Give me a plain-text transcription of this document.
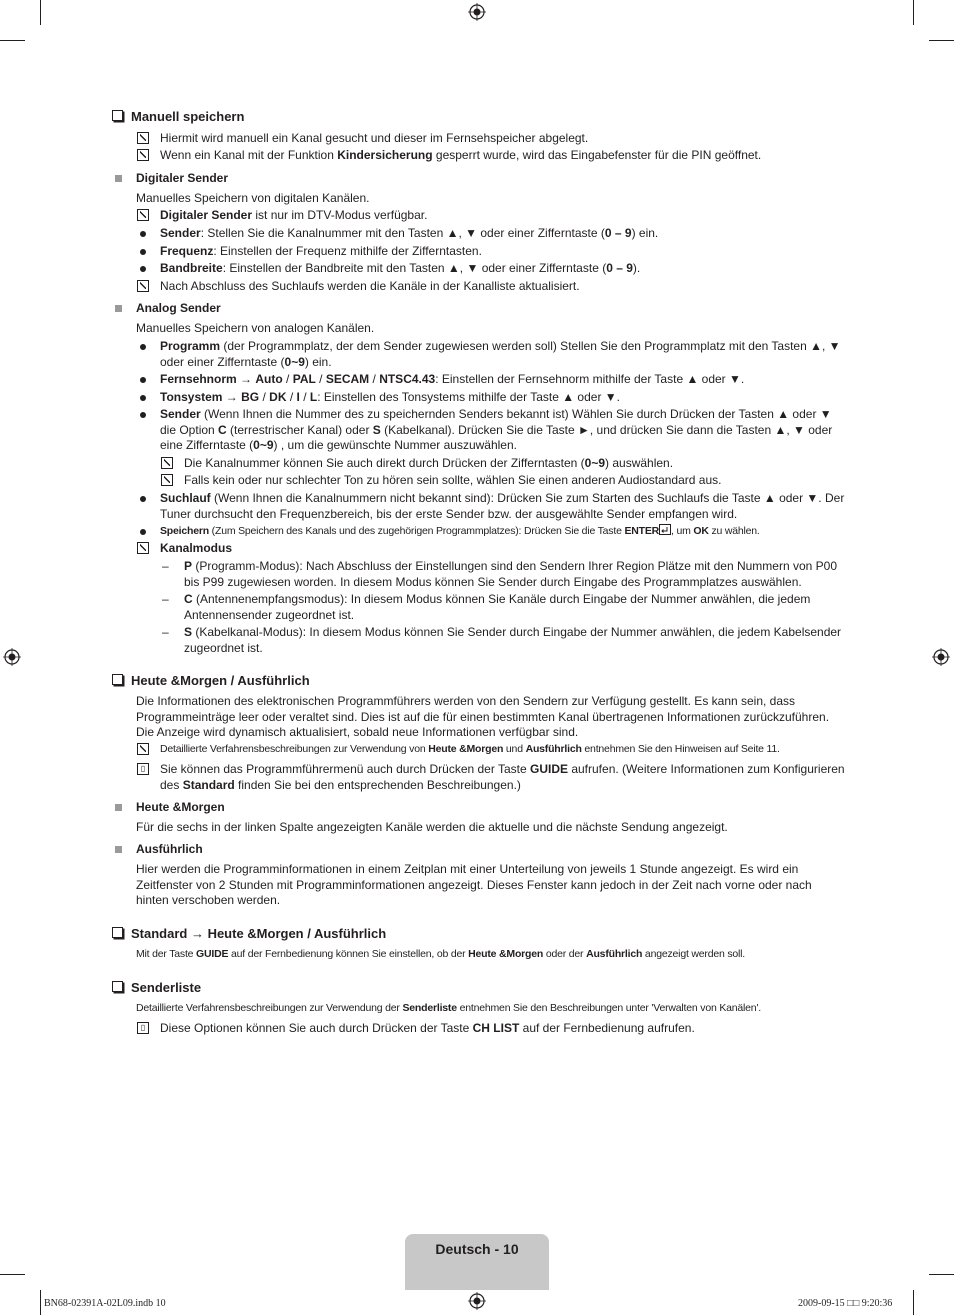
Manuell speichern
Hiermit wird manuell ein Kanal gesucht und dieser im Fernsehspeicher abgelegt.
Wenn ein Kanal mit der Funktion Kindersicherung gesperrt wurde, wird das Eingabefenster für die PIN geöffnet.
Digitaler Sender
Manuelles Speichern von digitalen Kanälen.
Digitaler Sender ist nur im DTV-Modus verfügbar.
Sender: Stellen Sie die Kanalnummer mit den Tasten ▲, ▼ oder einer Zifferntaste (0 – 9) ein.
Frequenz: Einstellen der Frequenz mithilfe der Zifferntasten.
Bandbreite: Einstellen der Bandbreite mit den Tasten ▲, ▼ oder einer Zifferntaste (0 – 9).
Nach Abschluss des Suchlaufs werden die Kanäle in der Kanalliste aktualisiert.
Analog Sender
Manuelles Speichern von analogen Kanälen.
Programm (der Programmplatz, der dem Sender zugewiesen werden soll) Stellen Sie den Programmplatz mit den Tasten ▲, ▼ oder einer Zifferntaste (0~9) ein.
Fernsehnorm → Auto / PAL / SECAM / NTSC4.43: Einstellen der Fernsehnorm mithilfe der Taste ▲ oder ▼.
Tonsystem → BG / DK / I / L: Einstellen des Tonsystems mithilfe der Taste ▲ oder ▼.
Sender (Wenn Ihnen die Nummer des zu speichernden Senders bekannt ist) Wählen Sie durch Drücken der Tasten ▲ oder ▼ die Option C (terrestrischer Kanal) oder S (Kabelkanal). Drücken Sie die Taste ►, und drücken Sie dann die Tasten ▲, ▼ oder eine Zifferntaste (0~9) , um die gewünschte Nummer auszuwählen.
Die Kanalnummer können Sie auch direkt durch Drücken der Zifferntasten (0~9) auswählen.
Falls kein oder nur schlechter Ton zu hören sein sollte, wählen Sie einen anderen Audiostandard aus.
Suchlauf (Wenn Ihnen die Kanalnummern nicht bekannt sind): Drücken Sie zum Starten des Suchlaufs die Taste ▲ oder ▼. Der Tuner durchsucht den Frequenzbereich, bis der erste Sender bzw. der ausgewählte Sender empfangen wird.
Speichern (Zum Speichern des Kanals und des zugehörigen Programmplatzes): Drücken Sie die Taste ENTER , um OK zu wählen.
Kanalmodus
– P (Programm-Modus): Nach Abschluss der Einstellungen sind den Sendern Ihrer Region Plätze mit den Nummern von P00 bis P99 zugewiesen worden. In diesem Modus können Sie Sender durch Eingabe des Programmplatzes auswählen.
– C (Antennenempfangsmodus): In diesem Modus können Sie Kanäle durch Eingabe der Nummer anwählen, die jedem Antennensender zugeordnet ist.
– S (Kabelkanal-Modus): In diesem Modus können Sie Sender durch Eingabe der Nummer anwählen, die jedem Kabelsender zugeordnet ist.
Heute &Morgen / Ausführlich
Die Informationen des elektronischen Programmführers werden von den Sendern zur Verfügung gestellt. Es kann sein, dass Programmeinträge leer oder veraltet sind. Dies ist auf die für einen bestimmten Kanal übertragenen Informationen zurückzuführen. Die Anzeige wird dynamisch aktualisiert, sobald neue Informationen verfügbar sind.
Detaillierte Verfahrensbeschreibungen zur Verwendung von Heute &Morgen und Ausführlich entnehmen Sie den Hinweisen auf Seite 11.
▯	Sie können das Programmführermenü auch durch Drücken der Taste GUIDE aufrufen. (Weitere Informationen zum Konfigurieren des Standard finden Sie bei den entsprechenden Beschreibungen.)
Heute &Morgen
Für die sechs in der linken Spalte angezeigten Kanäle werden die aktuelle und die nächste Sendung angezeigt.
Ausführlich
Hier werden die Programminformationen in einem Zeitplan mit einer Unterteilung von jeweils 1 Stunde angezeigt. Es wird ein Zeitfenster von 2 Stunden mit Programminformationen angezeigt. Dieses Fenster kann jedoch in der Zeit nach vorne oder nach hinten verschoben werden.
Standard → Heute &Morgen / Ausführlich
Mit der Taste GUIDE auf der Fernbedienung können Sie einstellen, ob der Heute &Morgen oder der Ausführlich angezeigt werden soll.
Senderliste
Detaillierte Verfahrensbeschreibungen zur Verwendung der Senderliste entnehmen Sie den Beschreibungen unter 'Verwalten von Kanälen'.
▯	Diese Optionen können Sie auch durch Drücken der Taste CH LIST auf der Fernbedienung aufrufen.
Deutsch - 10
BN68-02391A-02L09.indb 10	2009-09-15 □□ 9:20:36
